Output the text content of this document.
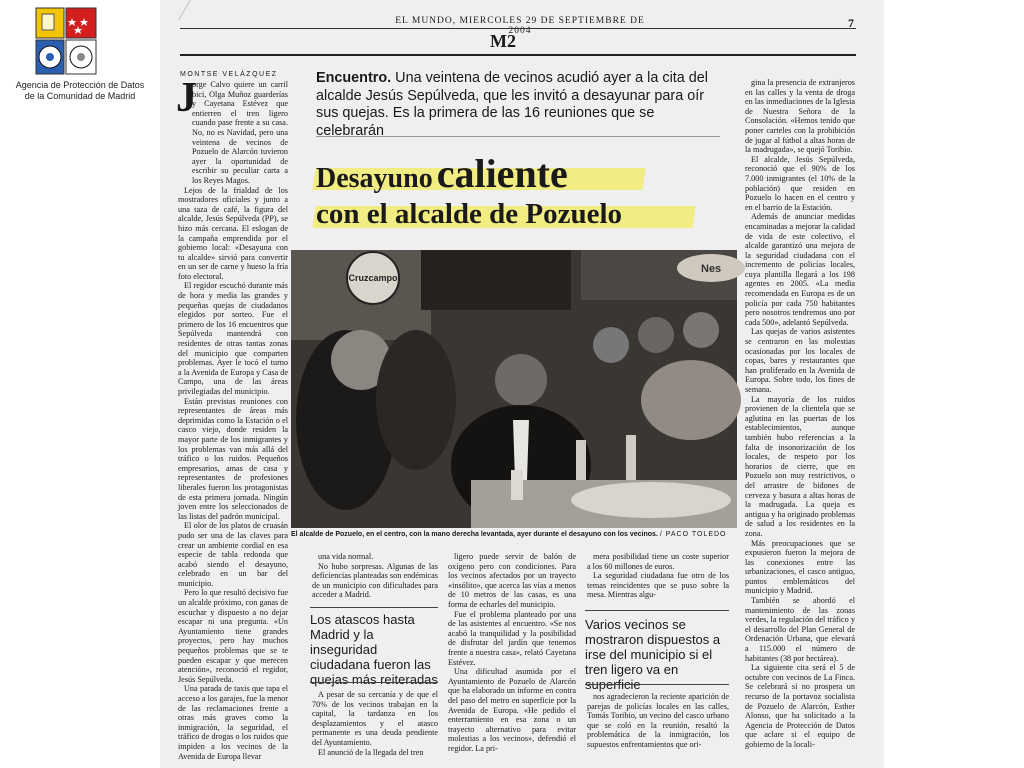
Agencia de Protección de Datos
de la Comunidad de Madrid
EL MUNDO, MIERCOLES 29 DE SEPTIEMBRE DE 2004
7
M2
MONTSE VELÁZQUEZ
J

orge Calvo quiere un carril bici, Olga Muñoz guarderías y Cayetana Estévez que entierren el tren ligero cuando pase frente a su casa. No, no es Navidad, pero una veintena de vecinos de Pozuelo de Alarcón tuvieron ayer la oportunidad de escribir su peculiar carta a los Reyes Magos.

Lejos de la frialdad de los mostradores oficiales y junto a una taza de café, la figura del alcalde, Jesús Sepúlveda (PP), se hizo más cercana. El eslogan de la campaña emprendida por el gobierno local: «Desayuna con tu alcalde» sirvió para convertir en un ser de carne y hueso la fría foto electoral.

El regidor escuchó durante más de hora y media las grandes y pequeñas quejas de ciudadanos elegidos por sorteo. Fue el primero de los 16 encuentros que Sepúlveda mantendrá con residentes de otras tantas zonas del municipio que comparten problemas. Ayer le tocó el turno a la Avenida de Europa y Casa de Campo, una de las áreas privilegiadas del municipio.

Están previstas reuniones con representantes de áreas más deprimidas como la Estación o el casco viejo, donde residen la mayor parte de los inmigrantes y los problemas van más allá del tráfico o los ruidos. Pequeños empresarios, amas de casa y representantes de profesiones liberales fueron los protagonistas de esta primera jornada. Ningún joven entre los seleccionados de las listas del padrón municipal.

El olor de los platos de cruasán pudo ser una de las claves para crear un ambiente cordial en esa especie de tabla redonda que acabó siendo el desayuno, celebrado en un bar del municipio.

Pero lo que resultó decisivo fue un alcalde próximo, con ganas de escuchar y dispuesto a no dejar escapar ni una pregunta. «Un Ayuntamiento tiene grandes proyectos, pero hay muchos pequeños problemas que se te pueden escapar y que merecen atención», reconoció el regidor, Jesús Sepúlveda.

Una parada de taxis que tapa el acceso a los garajes, fue la menor de las reclamaciones frente a otras más graves como la inmigración, la seguridad, el tráfico de drogas o los ruidos que impiden a los vecinos de la Avenida de Europa llevar

Encuentro. Una veintena de vecinos acudió ayer a la cita del alcalde Jesús Sepúlveda, que les invitó a desayunar para oír sus quejas. Es la primera de las 16 reuniones que se celebrarán
Desayuno caliente
con el alcalde de Pozuelo
Cruzcampo
Nes
El alcalde de Pozuelo, en el centro, con la mano derecha levantada, ayer durante el desayuno con los vecinos. / PACO TOLEDO

una vida normal.

No hubo sorpresas. Algunas de las deficiencias planteadas son endémicas de un municipio con dificultades para acceder a Madrid.

Los atascos hasta Madrid y la inseguridad ciudadana fueron las quejas más reiteradas

A pesar de su cercanía y de que el 70% de los vecinos trabajan en la capital, la tardanza en los desplazamientos y el atasco permanente es una deuda pendiente del Ayuntamiento.

El anunció de la llegada del tren

ligero puede servir de balón de oxígeno pero con condiciones. Para los vecinos afectados por un trayecto «insólito», que acerca las vías a menos de 10 metros de las casas, es una forma de echarles del municipio.

Fue el problema planteado por una de las asistentes al encuentro. «Se nos acabó la tranquilidad y la posibilidad de disfrutar del jardín que tenemos frente a nuestra casa», relató Cayetana Estévez.

Una dificultad asumida por el Ayuntamiento de Pozuelo de Alarcón que ha elaborado un informe en contra del paso del metro en superficie por la Avenida de Europa. «He pedido el enterramiento en esa zona o un trayecto alternativo para evitar molestias a los vecinos», defendió el regidor. La pri-

mera posibilidad tiene un coste superior a los 60 millones de euros.

La seguridad ciudadana fue otro de los temas reincidentes que se puso sobre la mesa. Mientras algu-

Varios vecinos se mostraron dispuestos a irse del municipio si el tren ligero va en superficie

nos agradecieron la reciente aparición de parejas de policías locales en las calles, Tomás Toribio, un vecino del casco urbano que se coló en la reunión, resaltó la problemática de la inmigración, los supuestos enfrentamientos que ori-

gina la presencia de extranjeros en las calles y la venta de droga en las inmediaciones de la Iglesia de Nuestra Señora de la Consolación. «Hemos tenido que poner carteles con la prohibición de jugar al fútbol a altas horas de la madrugada», se quejó Toribio.

El alcalde, Jesús Sepúlveda, reconoció que el 90% de los 7.000 inmigrantes (el 10% de la población) que residen en Pozuelo lo hacen en el centro y en el barrio de la Estación.

Además de anunciar medidas encaminadas a mejorar la calidad de vida de este colectivo, el alcalde garantizó una mejora de la seguridad ciudadana con el incremento de policías locales, cuya plantilla llegará a los 198 agentes en 2005. «La media recomendada en Europa es de un policía por cada 750 habitantes pero nosotros tendremos uno por cada 500», adelantó Sepúlveda.

Las quejas de varios asistentes se centraron en las molestias ocasionadas por los locales de copas, bares y restaurantes que han proliferado en la Avenida de Europa. Sobre todo, los fines de semana.

La mayoría de los ruidos provienen de la clientela que se aglutina en las puertas de los establecimientos, aunque también hubo referencias a la falta de insonorización de los locales, de respeto por los horarios de cierre, que en Pozuelo son muy restrictivos, o del arrastre de bidones de cerveza y basura a altas horas de la madrugada. La queja es antigua y ha originado problemas de salud a los residentes en la zona.

Más preocupaciones que se expusieron fueron la mejora de las conexiones entre las urbanizaciones, el casco antiguo, puntos emblemáticos del municipio y Madrid.

También se abordó el mantenimiento de las zonas verdes, la regulación del tráfico y el desarrollo del Plan General de Ordenación Urbana, que elevará a 115.000 el número de habitantes (38 por hectárea).

La siguiente cita será el 5 de octubre con vecinos de La Finca. Se celebrará si no prospera un recurso de la portavoz socialista de Pozuelo de Alarcón, Esther Alonso, que ha solicitado a la Agencia de Protección de Datos que aclare si el equipo de gobierno de la locali-
